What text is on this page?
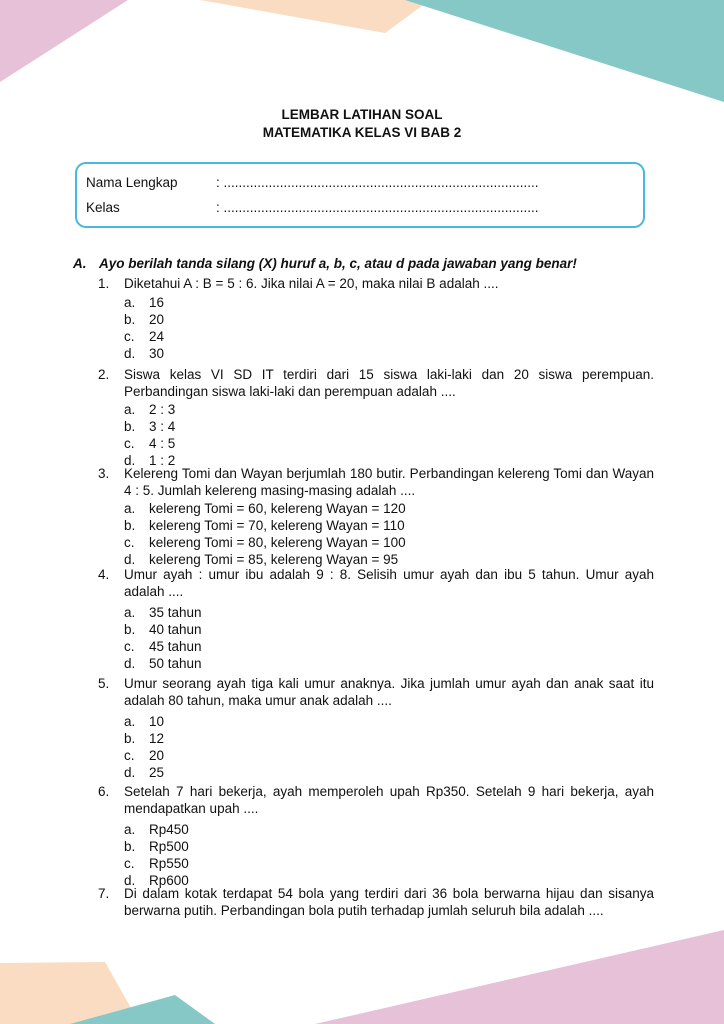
LEMBAR LATIHAN SOAL
MATEMATIKA KELAS VI BAB 2
Nama Lengkap	: ....................................................................................
Kelas	: ....................................................................................
A. Ayo berilah tanda silang (X) huruf a, b, c, atau d pada jawaban yang benar!
1. Diketahui A : B = 5 : 6. Jika nilai A = 20, maka nilai B adalah ....
a. 16
b. 20
c. 24
d. 30
2. Siswa kelas VI SD IT terdiri dari 15 siswa laki-laki dan 20 siswa perempuan. Perbandingan siswa laki-laki dan perempuan adalah ....
a. 2 : 3
b. 3 : 4
c. 4 : 5
d. 1 : 2
3. Kelereng Tomi dan Wayan berjumlah 180 butir. Perbandingan kelereng Tomi dan Wayan 4 : 5. Jumlah kelereng masing-masing adalah ....
a. kelereng Tomi = 60, kelereng Wayan = 120
b. kelereng Tomi = 70, kelereng Wayan = 110
c. kelereng Tomi = 80, kelereng Wayan = 100
d. kelereng Tomi = 85, kelereng Wayan = 95
4. Umur ayah : umur ibu adalah 9 : 8. Selisih umur ayah dan ibu 5 tahun. Umur ayah adalah ....
a. 35 tahun
b. 40 tahun
c. 45 tahun
d. 50 tahun
5. Umur seorang ayah tiga kali umur anaknya. Jika jumlah umur ayah dan anak saat itu adalah 80 tahun, maka umur anak adalah ....
a. 10
b. 12
c. 20
d. 25
6. Setelah 7 hari bekerja, ayah memperoleh upah Rp350. Setelah 9 hari bekerja, ayah mendapatkan upah ....
a. Rp450
b. Rp500
c. Rp550
d. Rp600
7. Di dalam kotak terdapat 54 bola yang terdiri dari 36 bola berwarna hijau dan sisanya berwarna putih. Perbandingan bola putih terhadap jumlah seluruh bila adalah ....
